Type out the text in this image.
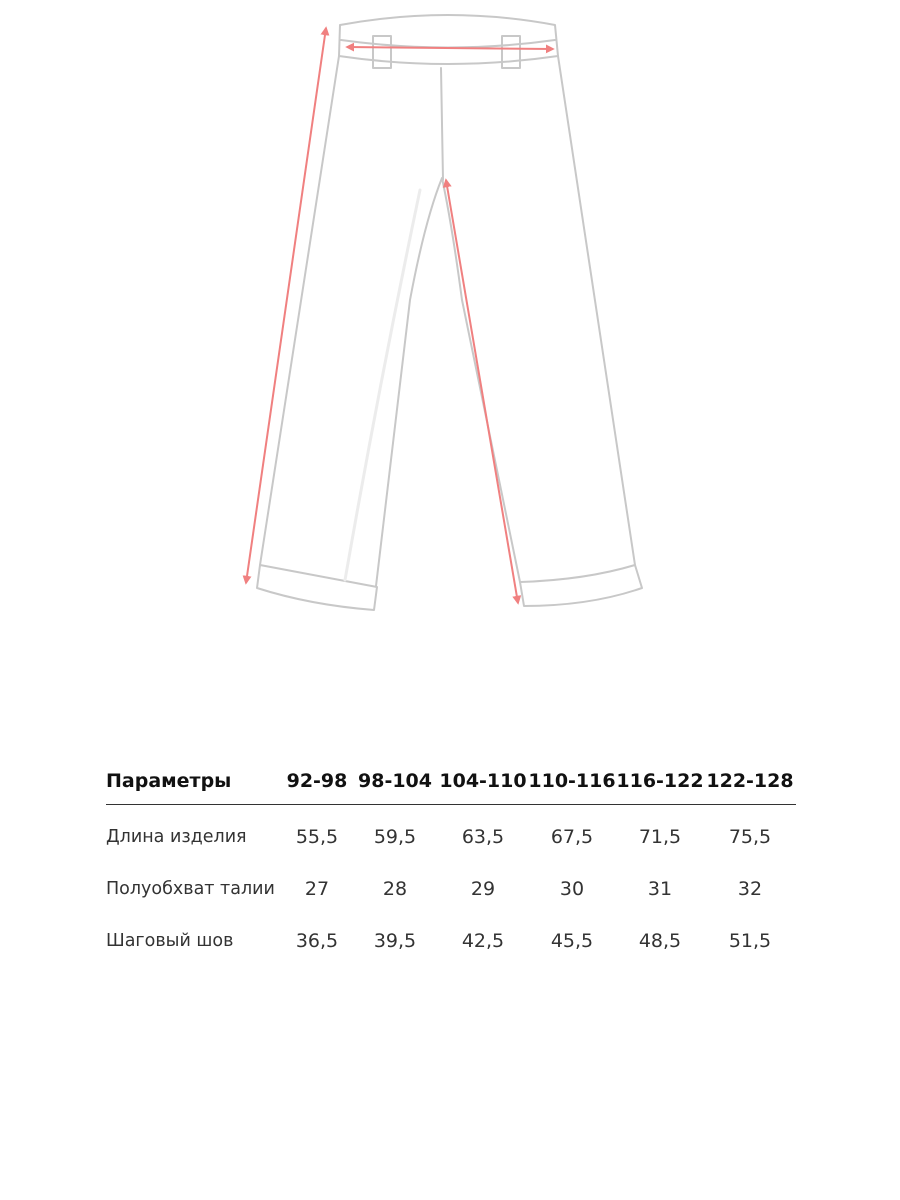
Параметры	92-98	98-104	104-110	110-116	116-122	122-128
Длина изделия	55,5	59,5	63,5	67,5	71,5	75,5
Полуобхват талии	27	28	29	30	31	32
Шаговый шов	36,5	39,5	42,5	45,5	48,5	51,5
